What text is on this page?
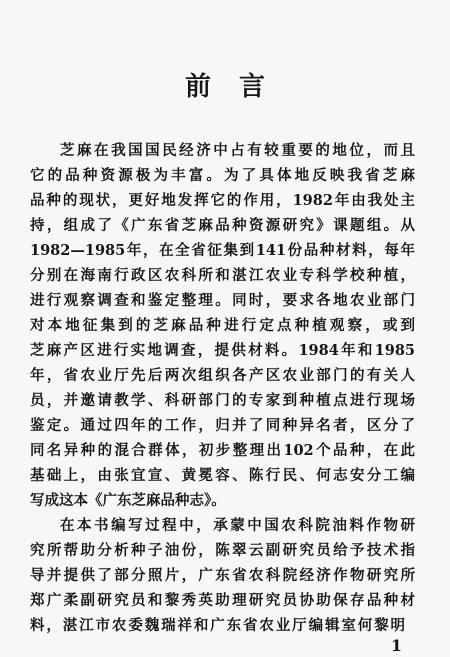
前言
芝麻在我国国民经济中占有较重要的地位，而且
它的品种资源极为丰富。为了具体地反映我省芝麻
品种的现状，更好地发挥它的作用，1982年由我处主
持，组成了《广东省芝麻品种资源研究》课题组。从
1982—1985年，在全省征集到141份品种材料，每年
分别在海南行政区农科所和湛江农业专科学校种植，
进行观察调查和鉴定整理。同时，要求各地农业部门
对本地征集到的芝麻品种进行定点种植观察，或到
芝麻产区进行实地调查，提供材料。1984年和1985
年，省农业厅先后两次组织各产区农业部门的有关人
员，并邀请教学、科研部门的专家到种植点进行现场
鉴定。通过四年的工作，归并了同种异名者，区分了
同名异种的混合群体，初步整理出102个品种，在此
基础上，由张宜宣、黄冕容、陈行民、何志安分工编
写成这本《广东芝麻品种志》。
在本书编写过程中，承蒙中国农科院油料作物研
究所帮助分析种子油份，陈翠云副研究员给予技术指
导并提供了部分照片，广东省农科院经济作物研究所
郑广柔副研究员和黎秀英助理研究员协助保存品种材
料，湛江市农委魏瑞祥和广东省农业厅编辑室何黎明
1
